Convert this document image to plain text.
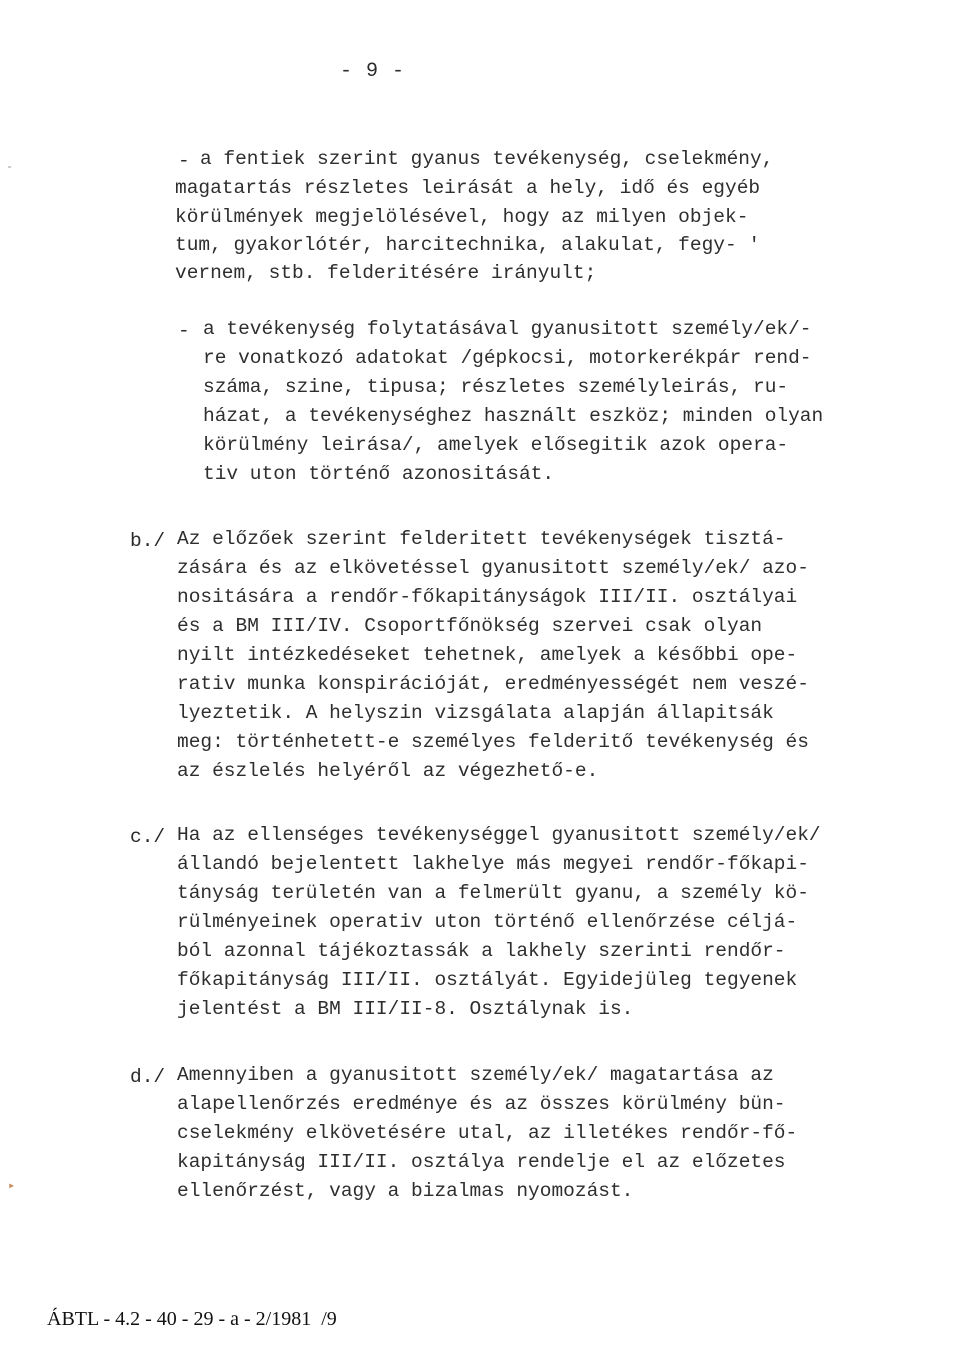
- 9 -
- a fentiek szerint gyanus tevékenység, cselekmény,
magatartás részletes leirását a hely, idő és egyéb
körülmények megjelölésével, hogy az milyen objek-
tum, gyakorlótér, harcitechnika, alakulat, fegy- '
vernem, stb. felderitésére irányult;
- a tevékenység folytatásával gyanusitott személy/ek/-
re vonatkozó adatokat /gépkocsi, motorkerékpár rend-
száma, szine, tipusa; részletes személyleirás, ru-
házat, a tevékenységhez használt eszköz; minden olyan
körülmény leirása/, amelyek elősegitik azok opera-
tiv uton történő azonositását.
b./ Az előzőek szerint felderitett tevékenységek tisztá-
zására és az elkövetéssel gyanusitott személy/ek/ azo-
nositására a rendőr-főkapitányságok III/II. osztályai
és a BM III/IV. Csoportfőnökség szervei csak olyan
nyilt intézkedéseket tehetnek, amelyek a későbbi ope-
rativ munka konspirációját, eredményességét nem veszé-
lyeztetik. A helyszin vizsgálata alapján állapitsák
meg: történhetett-e személyes felderitő tevékenység és
az észlelés helyéről az végezhető-e.
c./ Ha az ellenséges tevékenységgel gyanusitott személy/ek/
állandó bejelentett lakhelye más megyei rendőr-főkapi-
tányság területén van a felmerült gyanu, a személy kö-
rülményeinek operativ uton történő ellenőrzése céljá-
ból azonnal tájékoztassák a lakhely szerinti rendőr-
főkapitányság III/II. osztályát. Egyidejüleg tegyenek
jelentést a BM III/II-8. Osztálynak is.
d./ Amennyiben a gyanusitott személy/ek/ magatartása az
alapellenőrzés eredménye és az összes körülmény bün-
cselekmény elkövetésére utal, az illetékes rendőr-fő-
kapitányság III/II. osztálya rendelje el az előzetes
ellenőrzést, vagy a bizalmas nyomozást.
-
▸
ÁBTL - 4.2 - 40 - 29 - a - 2/1981  /9
